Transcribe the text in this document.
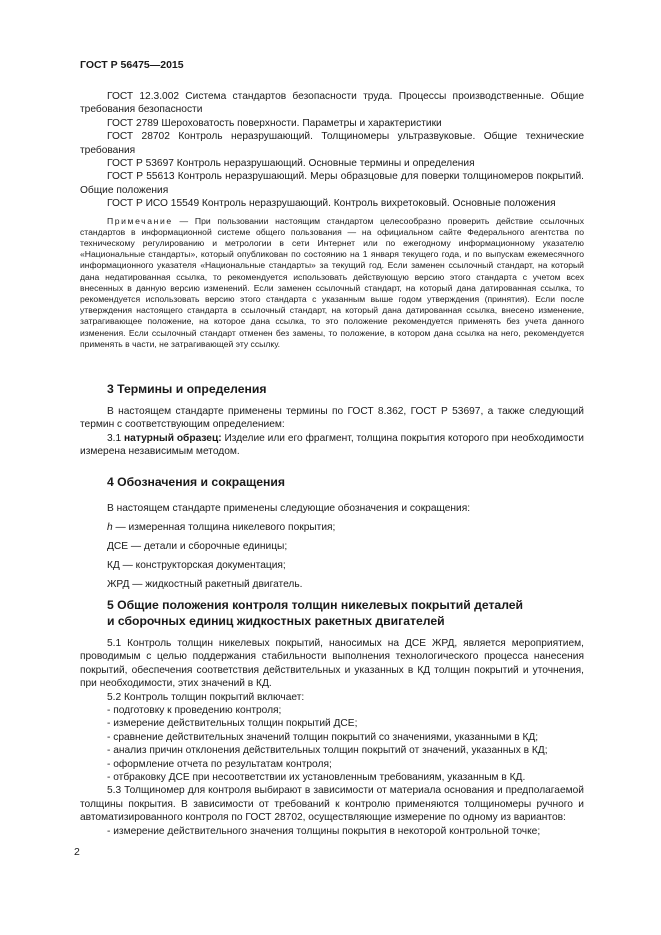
ГОСТ Р 56475—2015

ГОСТ 12.3.002 Система стандартов безопасности труда. Процессы производственные. Общие требования безопасности

ГОСТ 2789 Шероховатость поверхности. Параметры и характеристики

ГОСТ 28702 Контроль неразрушающий. Толщиномеры ультразвуковые. Общие технические требования

ГОСТ Р 53697 Контроль неразрушающий. Основные термины и определения

ГОСТ Р 55613 Контроль неразрушающий. Меры образцовые для поверки толщиномеров покрытий. Общие положения

ГОСТ Р ИСО 15549 Контроль неразрушающий. Контроль вихретоковый. Основные положения

Примечание — При пользовании настоящим стандартом целесообразно проверить действие ссылочных стандартов в информационной системе общего пользования — на официальном сайте Федерального агентства по техническому регулированию и метрологии в сети Интернет или по ежегодному информационному указателю «Национальные стандарты», который опубликован по состоянию на 1 января текущего года, и по выпускам ежемесячного информационного указателя «Национальные стандарты» за текущий год. Если заменен ссылочный стандарт, на который дана недатированная ссылка, то рекомендуется использовать действующую версию этого стандарта с учетом всех внесенных в данную версию изменений. Если заменен ссылочный стандарт, на который дана датированная ссылка, то рекомендуется использовать версию этого стандарта с указанным выше годом утверждения (принятия). Если после утверждения настоящего стандарта в ссылочный стандарт, на который дана датированная ссылка, внесено изменение, затрагивающее положение, на которое дана ссылка, то это положение рекомендуется применять без учета данного изменения. Если ссылочный стандарт отменен без замены, то положение, в котором дана ссылка на него, рекомендуется применять в части, не затрагивающей эту ссылку.

3 Термины и определения

В настоящем стандарте применены термины по ГОСТ 8.362, ГОСТ Р 53697, а также следующий термин с соответствующим определением:

3.1 натурный образец: Изделие или его фрагмент, толщина покрытия которого при необходимости измерена независимым методом.

4 Обозначения и сокращения

В настоящем стандарте применены следующие обозначения и сокращения:

h — измеренная толщина никелевого покрытия;

ДСЕ — детали и сборочные единицы;

КД — конструкторская документация;

ЖРД — жидкостный ракетный двигатель.

5 Общие положения контроля толщин никелевых покрытий деталей

и сборочных единиц жидкостных ракетных двигателей

5.1 Контроль толщин никелевых покрытий, наносимых на ДСЕ ЖРД, является мероприятием, проводимым с целью поддержания стабильности выполнения технологического процесса нанесения покрытий, обеспечения соответствия действительных и указанных в КД толщин покрытий и уточнения, при необходимости, этих значений в КД.

5.2 Контроль толщин покрытий включает:

- подготовку к проведению контроля;

- измерение действительных толщин покрытий ДСЕ;

- сравнение действительных значений толщин покрытий со значениями, указанными в КД;

- анализ причин отклонения действительных толщин покрытий от значений, указанных в КД;

- оформление отчета по результатам контроля;

- отбраковку ДСЕ при несоответствии их установленным требованиям, указанным в КД.

5.3 Толщиномер для контроля выбирают в зависимости от материала основания и предполагаемой толщины покрытия. В зависимости от требований к контролю применяются толщиномеры ручного и автоматизированного контроля по ГОСТ 28702, осуществляющие измерение по одному из вариантов:

- измерение действительного значения толщины покрытия в некоторой контрольной точке;

2
